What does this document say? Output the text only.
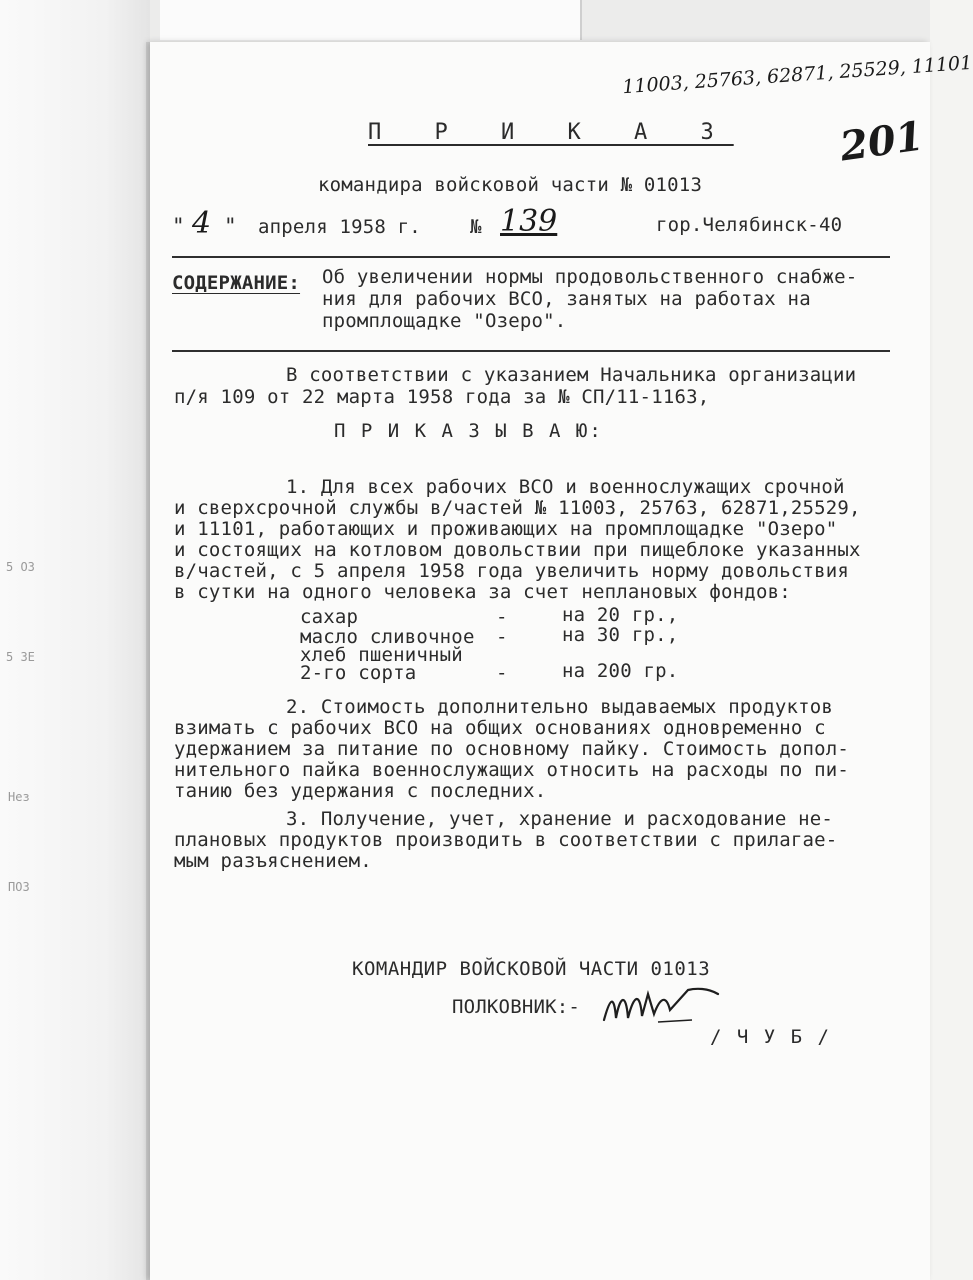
5 ОЗ
5 ЗЕ
Нез
ПОЗ
11003, 25763, 62871, 25529, 11101
201
П Р И К А З
командира войсковой части № 01013
" 4 " апреля 1958 г.	№ 139	гор.Челябинск-40
СОДЕРЖАНИЕ: Об увеличении нормы продовольственного снабже-
ния для рабочих ВСО, занятых на работах на
промплощадке "Озеро".
В соответствии с указанием Начальника организации
п/я 109 от 22 марта 1958 года за № СП/11-1163,
П Р И К А З Ы В А Ю:
1. Для всех рабочих ВСО и военнослужащих срочной
и сверхсрочной службы в/частей № 11003, 25763, 62871,25529,
и 11101, работающих и проживающих на промплощадке "Озеро"
и состоящих на котловом довольствии при пищеблоке указанных
в/частей, с 5 апреля 1958 года увеличить норму довольствия
в сутки на одного человека за счет неплановых фондов:
сахар	-	на 20 гр.,
масло сливочное -	на 30 гр.,
хлеб пшеничный
2-го сорта	-	на 200 гр.
2. Стоимость дополнительно выдаваемых продуктов
взимать с рабочих ВСО на общих основаниях одновременно с
удержанием за питание по основному пайку. Стоимость допол-
нительного пайка военнослужащих относить на расходы по пи-
танию без удержания с последних.
3. Получение, учет, хранение и расходование не-
плановых продуктов производить в соответствии с прилагае-
мым разъяснением.
КОМАНДИР ВОЙСКОВОЙ ЧАСТИ 01013
ПОЛКОВНИК:-
/ Ч У Б /
